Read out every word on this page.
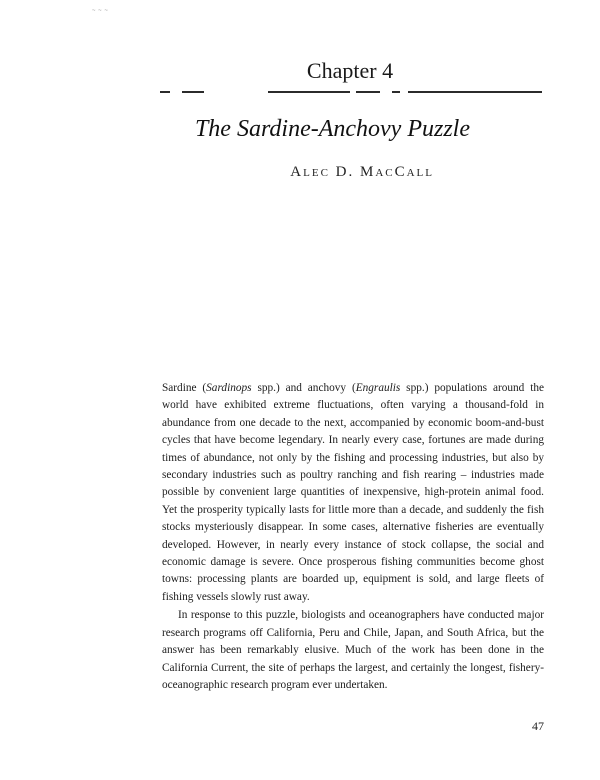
~ ~ ~
Chapter 4
The Sardine-Anchovy Puzzle
Alec D. MacCall

Sardine (Sardinops spp.) and anchovy (Engraulis spp.) populations around the world have exhibited extreme fluctuations, often varying a thousand-fold in abundance from one decade to the next, accompanied by economic boom-and-bust cycles that have become legendary. In nearly every case, fortunes are made during times of abundance, not only by the fishing and processing industries, but also by secondary industries such as poultry ranching and fish rearing – industries made possible by convenient large quantities of inexpensive, high-protein animal food. Yet the prosperity typically lasts for little more than a decade, and suddenly the fish stocks mysteriously disappear. In some cases, alternative fisheries are eventually developed. However, in nearly every instance of stock collapse, the social and economic damage is severe. Once prosperous fishing communities become ghost towns: processing plants are boarded up, equipment is sold, and large fleets of fishing vessels slowly rust away.

In response to this puzzle, biologists and oceanographers have conducted major research programs off California, Peru and Chile, Japan, and South Africa, but the answer has been remarkably elusive. Much of the work has been done in the California Current, the site of perhaps the largest, and certainly the longest, fishery-oceanographic research program ever undertaken.

47
